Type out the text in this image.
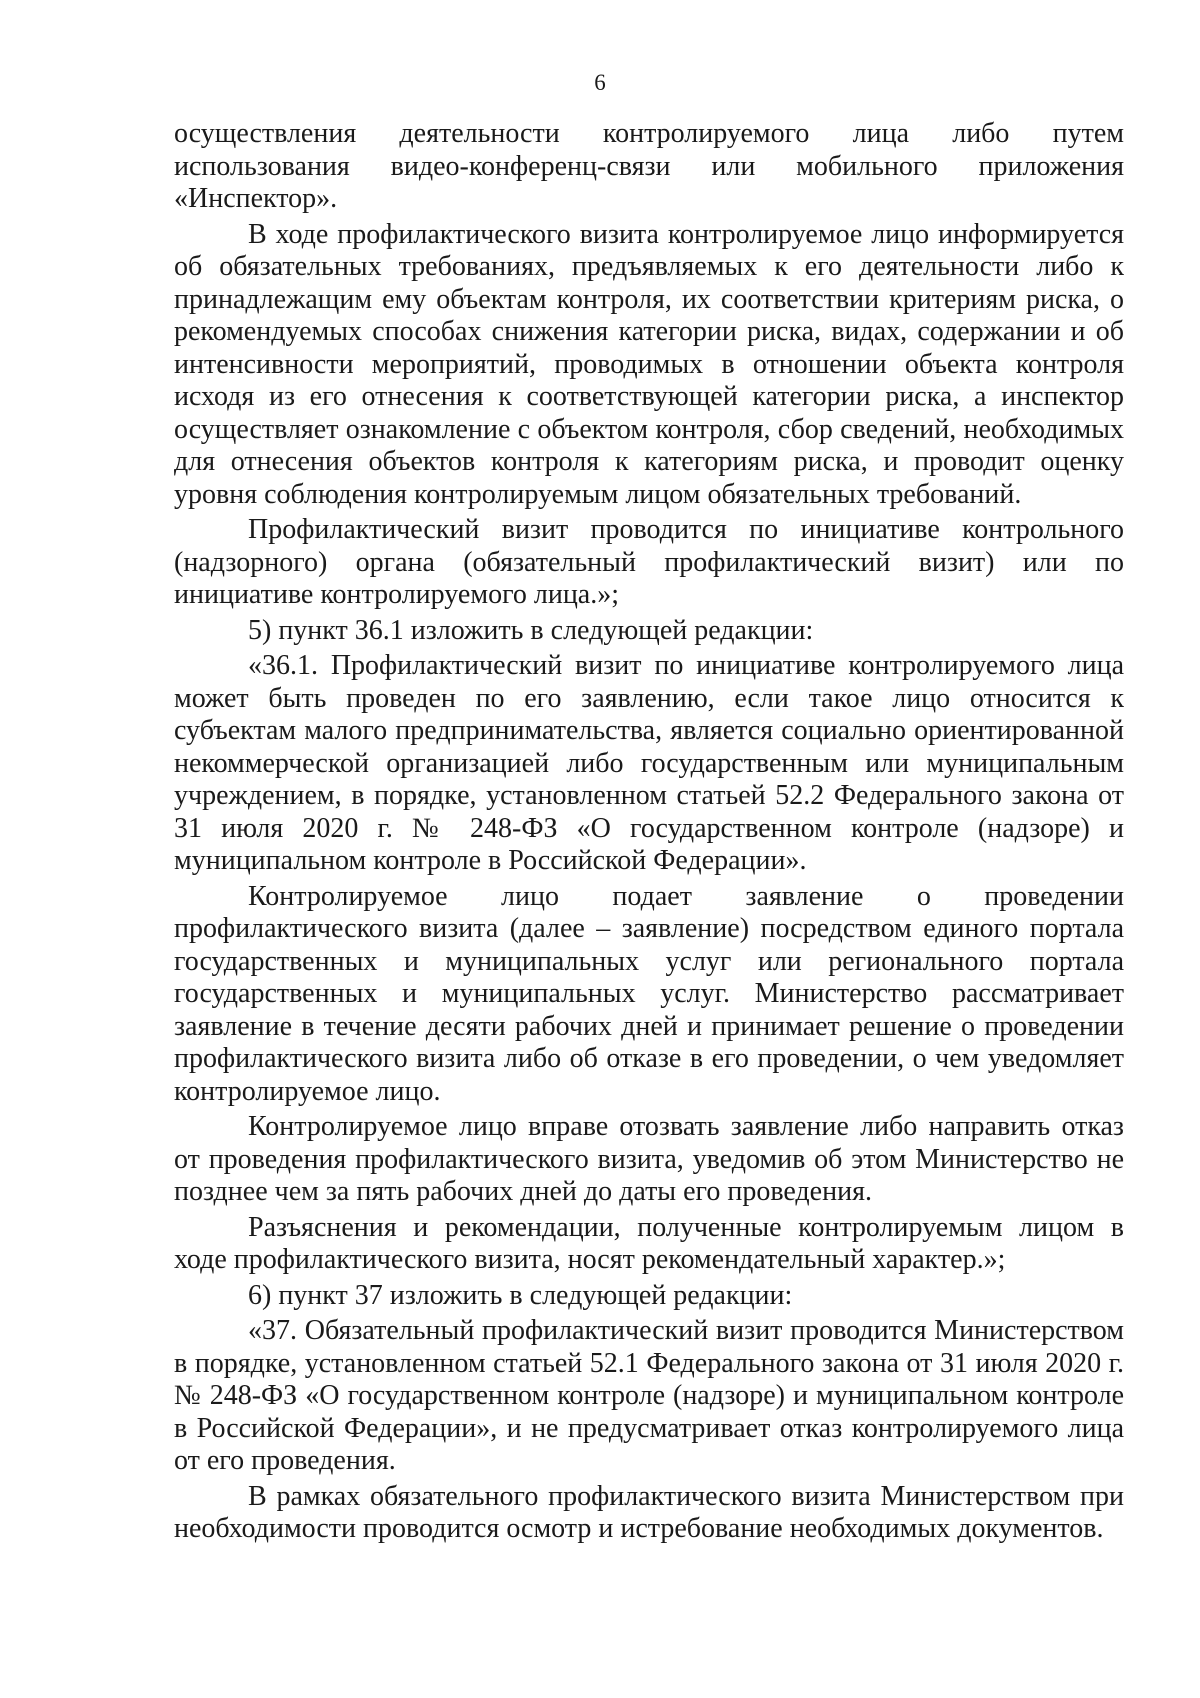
6

осуществления деятельности контролируемого лица либо путем использования видео-конференц-связи или мобильного приложения «Инспектор».

В ходе профилактического визита контролируемое лицо информируется об обязательных требованиях, предъявляемых к его деятельности либо к принадлежащим ему объектам контроля, их соответствии критериям риска, о рекомендуемых способах снижения категории риска, видах, содержании и об интенсивности мероприятий, проводимых в отношении объекта контроля исходя из его отнесения к соответствующей категории риска, а инспектор осуществляет ознакомление с объектом контроля, сбор сведений, необходимых для отнесения объектов контроля к категориям риска, и проводит оценку уровня соблюдения контролируемым лицом обязательных требований.

Профилактический визит проводится по инициативе контрольного (надзорного) органа (обязательный профилактический визит) или по инициативе контролируемого лица.»;

5) пункт 36.1 изложить в следующей редакции:

«36.1. Профилактический визит по инициативе контролируемого лица может быть проведен по его заявлению, если такое лицо относится к субъектам малого предпринимательства, является социально ориентированной некоммерческой организацией либо государственным или муниципальным учреждением, в порядке, установленном статьей 52.2 Федерального закона от 31 июля 2020 г. № 248-ФЗ «О государственном контроле (надзоре) и муниципальном контроле в Российской Федерации».

Контролируемое лицо подает заявление о проведении профилактического визита (далее – заявление) посредством единого портала государственных и муниципальных услуг или регионального портала государственных и муниципальных услуг. Министерство рассматривает заявление в течение десяти рабочих дней и принимает решение о проведении профилактического визита либо об отказе в его проведении, о чем уведомляет контролируемое лицо.

Контролируемое лицо вправе отозвать заявление либо направить отказ от проведения профилактического визита, уведомив об этом Министерство не позднее чем за пять рабочих дней до даты его проведения.

Разъяснения и рекомендации, полученные контролируемым лицом в ходе профилактического визита, носят рекомендательный характер.»;

6) пункт 37 изложить в следующей редакции:

«37. Обязательный профилактический визит проводится Министерством в порядке, установленном статьей 52.1 Федерального закона от 31 июля 2020 г. № 248-ФЗ «О государственном контроле (надзоре) и муниципальном контроле в Российской Федерации», и не предусматривает отказ контролируемого лица от его проведения.

В рамках обязательного профилактического визита Министерством при необходимости проводится осмотр и истребование необходимых документов.
